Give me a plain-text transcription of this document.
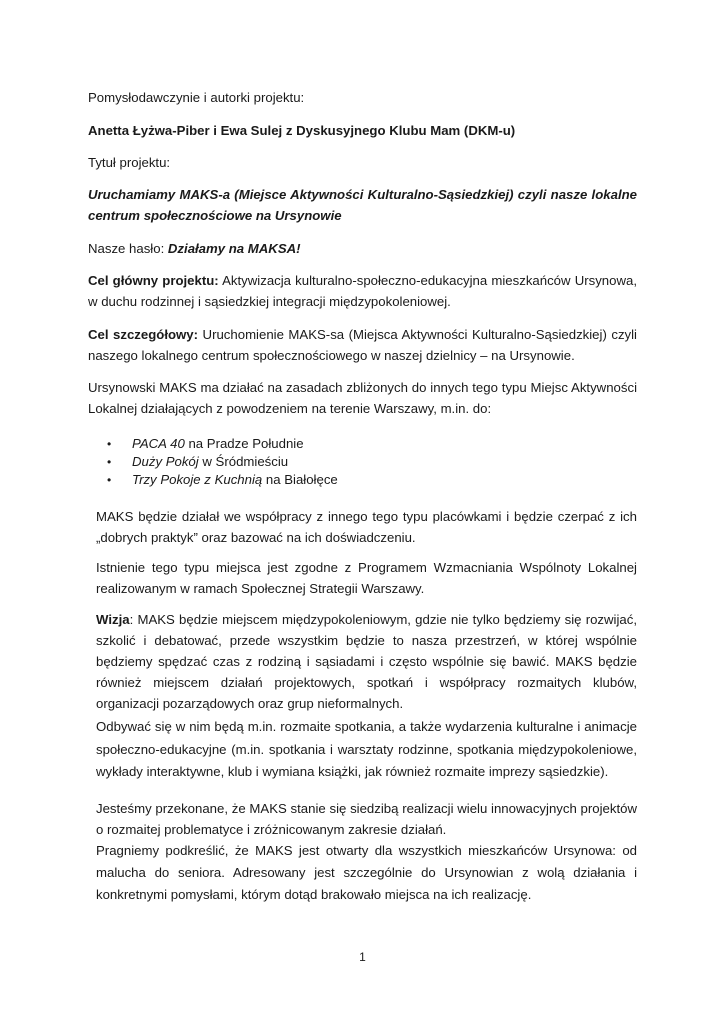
Pomysłodawczynie i autorki projektu:

Anetta Łyżwa-Piber i Ewa Sulej z Dyskusyjnego Klubu Mam (DKM-u)

Tytuł projektu:

Uruchamiamy MAKS-a (Miejsce Aktywności Kulturalno-Sąsiedzkiej) czyli nasze lokalne centrum społecznościowe na Ursynowie

Nasze hasło: Działamy na MAKSA!

Cel główny projektu: Aktywizacja kulturalno-społeczno-edukacyjna mieszkańców Ursynowa, w duchu rodzinnej i sąsiedzkiej integracji międzypokoleniowej.

Cel szczegółowy: Uruchomienie MAKS-sa (Miejsca Aktywności Kulturalno-Sąsiedzkiej) czyli naszego lokalnego centrum społecznościowego w naszej dzielnicy – na Ursynowie.

Ursynowski MAKS ma działać na zasadach zbliżonych do innych tego typu Miejsc Aktywności Lokalnej działających z powodzeniem na terenie Warszawy, m.in. do:

• PACA 40 na Pradze Południe
• Duży Pokój w Śródmieściu
• Trzy Pokoje z Kuchnią na Białołęce

MAKS będzie działał we współpracy z innego tego typu placówkami i będzie czerpać z ich „dobrych praktyk” oraz bazować na ich doświadczeniu.

Istnienie tego typu miejsca jest zgodne z Programem Wzmacniania Wspólnoty Lokalnej realizowanym w ramach Społecznej Strategii Warszawy.

Wizja: MAKS będzie miejscem międzypokoleniowym, gdzie nie tylko będziemy się rozwijać, szkolić i debatować, przede wszystkim będzie to nasza przestrzeń, w której wspólnie będziemy spędzać czas z rodziną i sąsiadami i często wspólnie się bawić. MAKS będzie również miejscem działań projektowych, spotkań i współpracy rozmaitych klubów, organizacji pozarządowych oraz grup nieformalnych.

Odbywać się w nim będą m.in. rozmaite spotkania, a także wydarzenia kulturalne i animacje społeczno-edukacyjne (m.in. spotkania i warsztaty rodzinne, spotkania międzypokoleniowe, wykłady interaktywne, klub i wymiana książki, jak również rozmaite imprezy sąsiedzkie).

Jesteśmy przekonane, że MAKS stanie się siedzibą realizacji wielu innowacyjnych projektów o rozmaitej problematyce i zróżnicowanym zakresie działań.

Pragniemy podkreślić, że MAKS jest otwarty dla wszystkich mieszkańców Ursynowa: od malucha do seniora. Adresowany jest szczególnie do Ursynowian z wolą działania i konkretnymi pomysłami, którym dotąd brakowało miejsca na ich realizację.

1
